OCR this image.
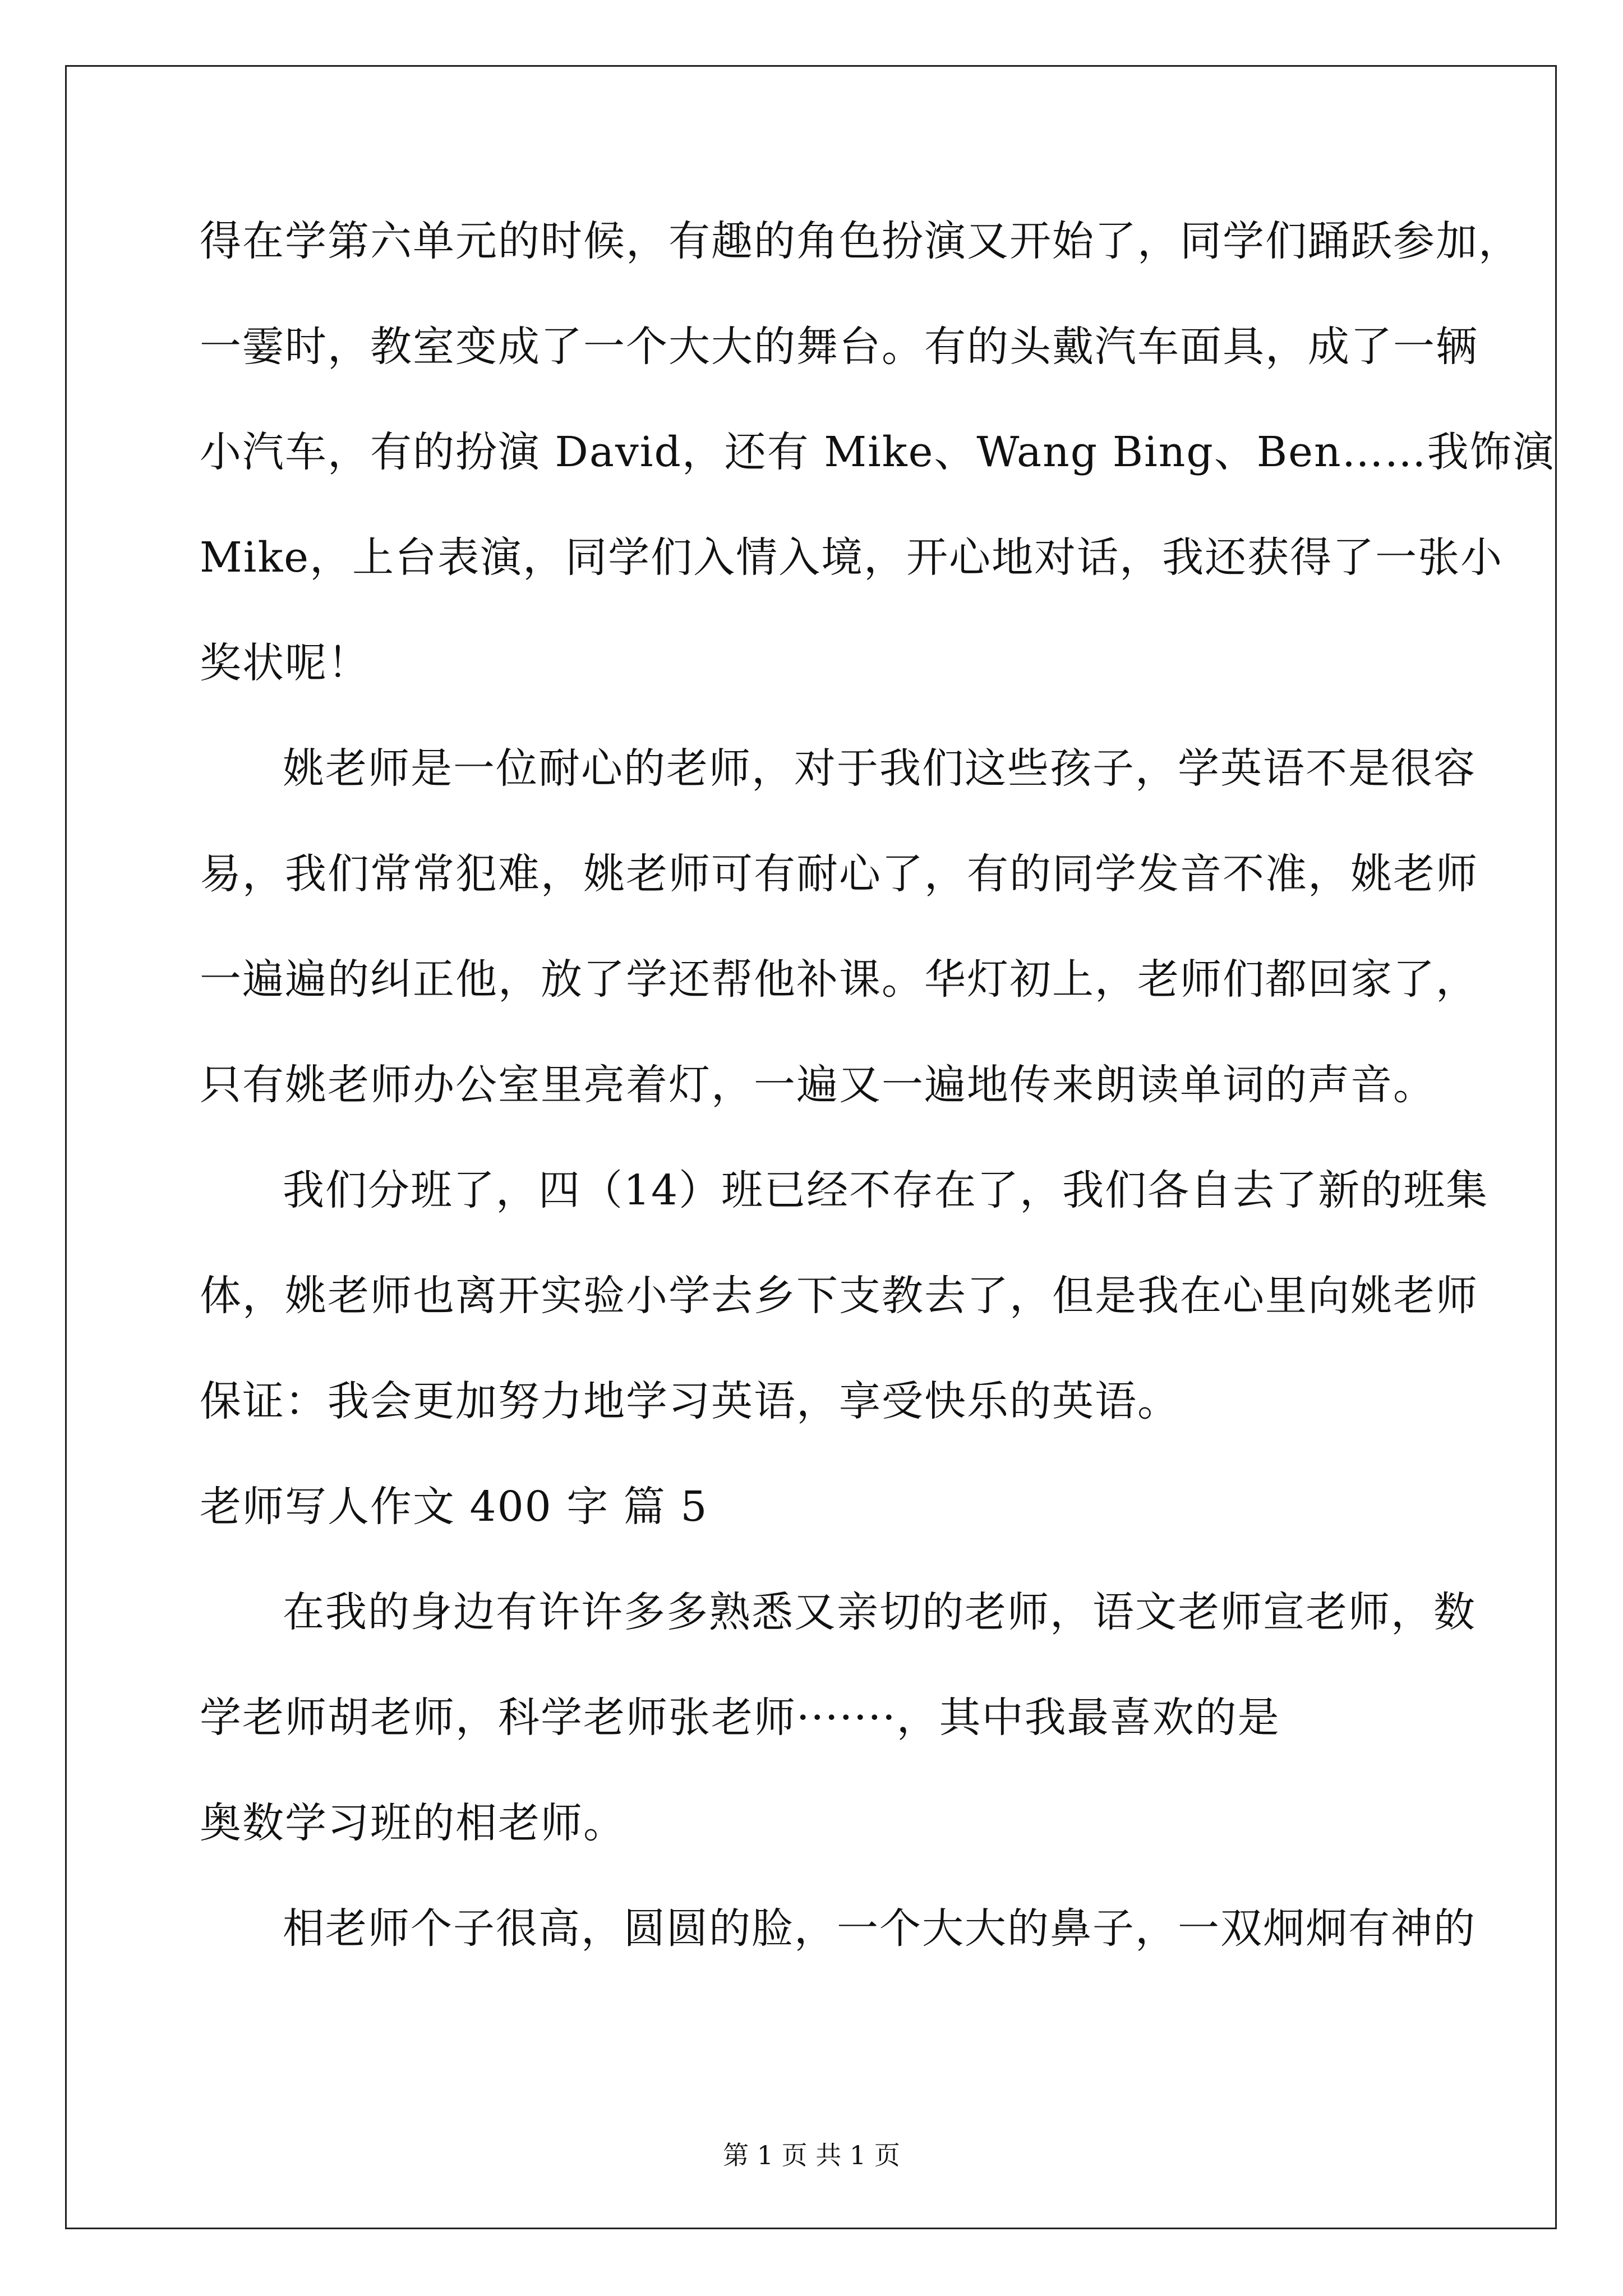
得在学第六单元的时候，有趣的角色扮演又开始了，同学们踊跃参加，
一霎时，教室变成了一个大大的舞台。有的头戴汽车面具，成了一辆
小汽车，有的扮演 David，还有 Mike、Wang Bing、Ben……我饰演
Mike，上台表演，同学们入情入境，开心地对话，我还获得了一张小
奖状呢！
姚老师是一位耐心的老师，对于我们这些孩子，学英语不是很容
易，我们常常犯难，姚老师可有耐心了，有的同学发音不准，姚老师
一遍遍的纠正他，放了学还帮他补课。华灯初上，老师们都回家了，
只有姚老师办公室里亮着灯，一遍又一遍地传来朗读单词的声音。
我们分班了，四（14）班已经不存在了，我们各自去了新的班集
体，姚老师也离开实验小学去乡下支教去了，但是我在心里向姚老师
保证：我会更加努力地学习英语，享受快乐的英语。
老师写人作文 400 字 篇 5
在我的身边有许许多多熟悉又亲切的老师，语文老师宣老师，数
学老师胡老师，科学老师张老师·······，其中我最喜欢的是
奥数学习班的相老师。
相老师个子很高，圆圆的脸，一个大大的鼻子，一双炯炯有神的
第 1 页 共 1 页
